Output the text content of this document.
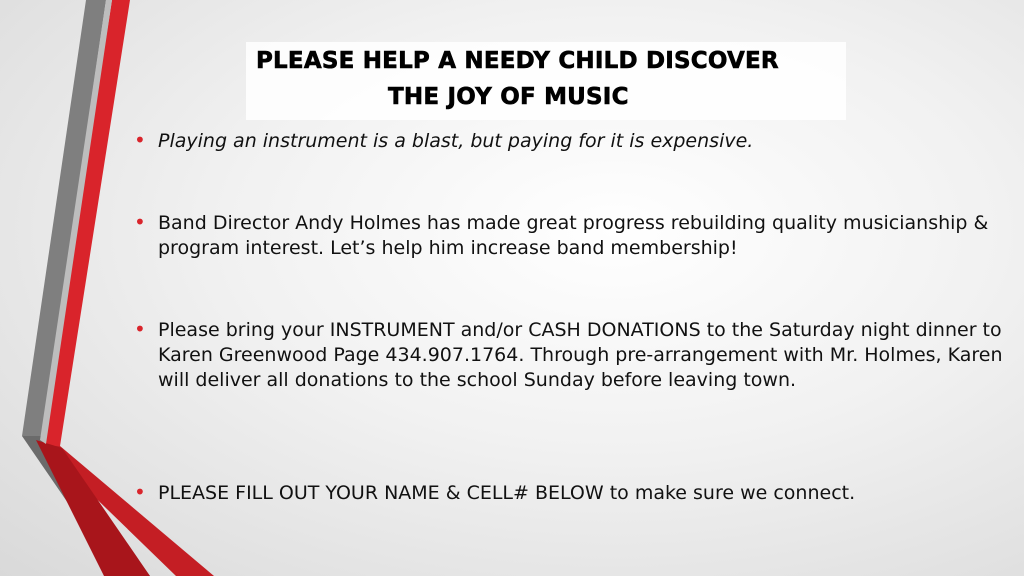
PLEASE HELP A NEEDY CHILD DISCOVER
THE JOY OF MUSIC
• Playing an instrument is a blast, but paying for it is expensive.
• Band Director Andy Holmes has made great progress rebuilding quality musicianship & program interest. Let’s help him increase band membership!
• Please bring your INSTRUMENT and/or CASH DONATIONS to the Saturday night dinner to Karen Greenwood Page 434.907.1764. Through pre-arrangement with Mr. Holmes, Karen will deliver all donations to the school Sunday before leaving town.
• PLEASE FILL OUT YOUR NAME & CELL# BELOW to make sure we connect.
